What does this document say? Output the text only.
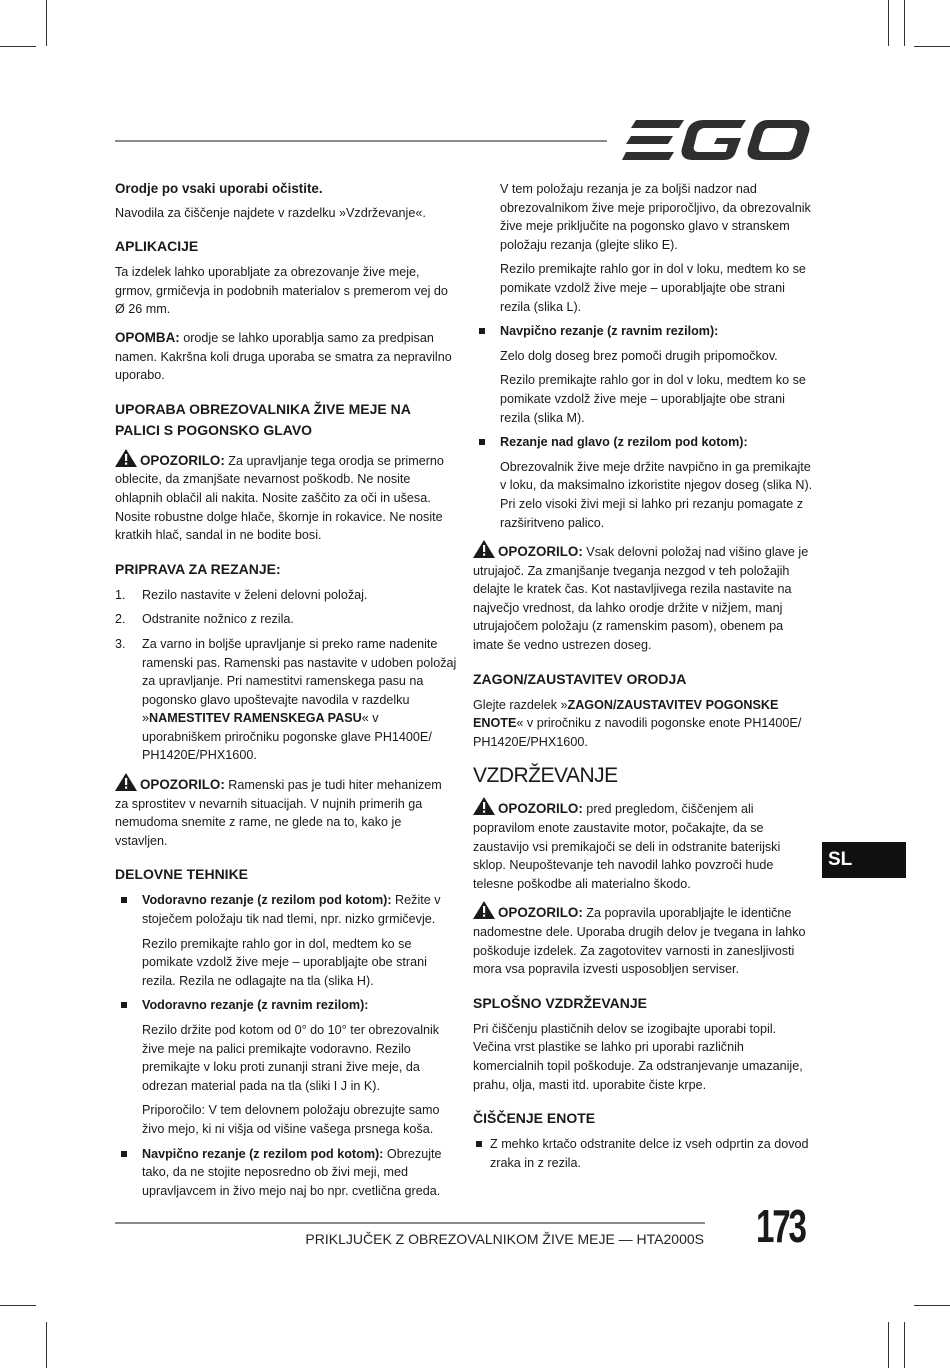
Orodje po vsaki uporabi očistite.

Navodila za čiščenje najdete v razdelku »Vzdrževanje«.

APLIKACIJE

Ta izdelek lahko uporabljate za obrezovanje žive meje, grmov, grmičevja in podobnih materialov s premerom vej do Ø 26 mm.

OPOMBA: orodje se lahko uporablja samo za predpisan namen. Kakršna koli druga uporaba se smatra za nepravilno uporabo.

UPORABA OBREZOVALNIKA ŽIVE MEJE NA PALICI S POGONSKO GLAVO

OPOZORILO: Za upravljanje tega orodja se primerno oblecite, da zmanjšate nevarnost poškodb. Ne nosite ohlapnih oblačil ali nakita. Nosite zaščito za oči in ušesa. Nosite robustne dolge hlače, škornje in rokavice. Ne nosite kratkih hlač, sandal in ne bodite bosi.

PRIPRAVA ZA REZANJE:
1. Rezilo nastavite v želeni delovni položaj.
2. Odstranite nožnico z rezila.
3. Za varno in boljše upravljanje si preko rame nadenite ramenski pas. Ramenski pas nastavite v udoben položaj za upravljanje. Pri namestitvi ramenskega pasu na pogonsko glavo upoštevajte navodila v razdelku »NAMESTITEV RAMENSKEGA PASU« v uporabniškem priročniku pogonske glave PH1400E/ PH1420E/PHX1600.

OPOZORILO: Ramenski pas je tudi hiter mehanizem za sprostitev v nevarnih situacijah. V nujnih primerih ga nemudoma snemite z rame, ne glede na to, kako je vstavljen.

DELOVNE TEHNIKE
Vodoravno rezanje (z rezilom pod kotom): Režite v stoječem položaju tik nad tlemi, npr. nizko grmičevje.
Rezilo premikajte rahlo gor in dol, medtem ko se pomikate vzdolž žive meje – uporabljajte obe strani rezila. Rezila ne odlagajte na tla (slika H).
Vodoravno rezanje (z ravnim rezilom):
Rezilo držite pod kotom od 0° do 10° ter obrezovalnik žive meje na palici premikajte vodoravno. Rezilo premikajte v loku proti zunanji strani žive meje, da odrezan material pada na tla (sliki I J in K).
Priporočilo: V tem delovnem položaju obrezujte samo živo mejo, ki ni višja od višine vašega prsnega koša.
Navpično rezanje (z rezilom pod kotom): Obrezujte tako, da ne stojite neposredno ob živi meji, med upravljavcem in živo mejo naj bo npr. cvetlična greda.

V tem položaju rezanja je za boljši nadzor nad obrezovalnikom žive meje priporočljivo, da obrezovalnik žive meje priključite na pogonsko glavo v stranskem položaju rezanja (glejte sliko E).

Rezilo premikajte rahlo gor in dol v loku, medtem ko se pomikate vzdolž žive meje – uporabljajte obe strani rezila (slika L).

Navpično rezanje (z ravnim rezilom):
Zelo dolg doseg brez pomoči drugih pripomočkov.
Rezilo premikajte rahlo gor in dol v loku, medtem ko se pomikate vzdolž žive meje – uporabljajte obe strani rezila (slika M).
Rezanje nad glavo (z rezilom pod kotom):
Obrezovalnik žive meje držite navpično in ga premikajte v loku, da maksimalno izkoristite njegov doseg (slika N). Pri zelo visoki živi meji si lahko pri rezanju pomagate z razširitveno palico.

OPOZORILO: Vsak delovni položaj nad višino glave je utrujajoč. Za zmanjšanje tveganja nezgod v teh položajih delajte le kratek čas. Kot nastavljivega rezila nastavite na največjo vrednost, da lahko orodje držite v nižjem, manj utrujajočem položaju (z ramenskim pasom), obenem pa imate še vedno ustrezen doseg.

ZAGON/ZAUSTAVITEV ORODJA

Glejte razdelek »ZAGON/ZAUSTAVITEV POGONSKE ENOTE« v priročniku z navodili pogonske enote PH1400E/ PH1420E/PHX1600.

VZDRŽEVANJE

OPOZORILO: pred pregledom, čiščenjem ali popravilom enote zaustavite motor, počakajte, da se zaustavijo vsi premikajoči se deli in odstranite baterijski sklop. Neupoštevanje teh navodil lahko povzroči hude telesne poškodbe ali materialno škodo.

OPOZORILO: Za popravila uporabljajte le identične nadomestne dele. Uporaba drugih delov je tvegana in lahko poškoduje izdelek. Za zagotovitev varnosti in zanesljivosti mora vsa popravila izvesti usposobljen serviser.

SPLOŠNO VZDRŽEVANJE

Pri čiščenju plastičnih delov se izogibajte uporabi topil. Večina vrst plastike se lahko pri uporabi različnih komercialnih topil poškoduje. Za odstranjevanje umazanije, prahu, olja, masti itd. uporabite čiste krpe.

ČIŠČENJE ENOTE
Z mehko krtačo odstranite delce iz vseh odprtin za dovod zraka in z rezila.
SL
PRIKLJUČEK Z OBREZOVALNIKOM ŽIVE MEJE — HTA2000S 173
